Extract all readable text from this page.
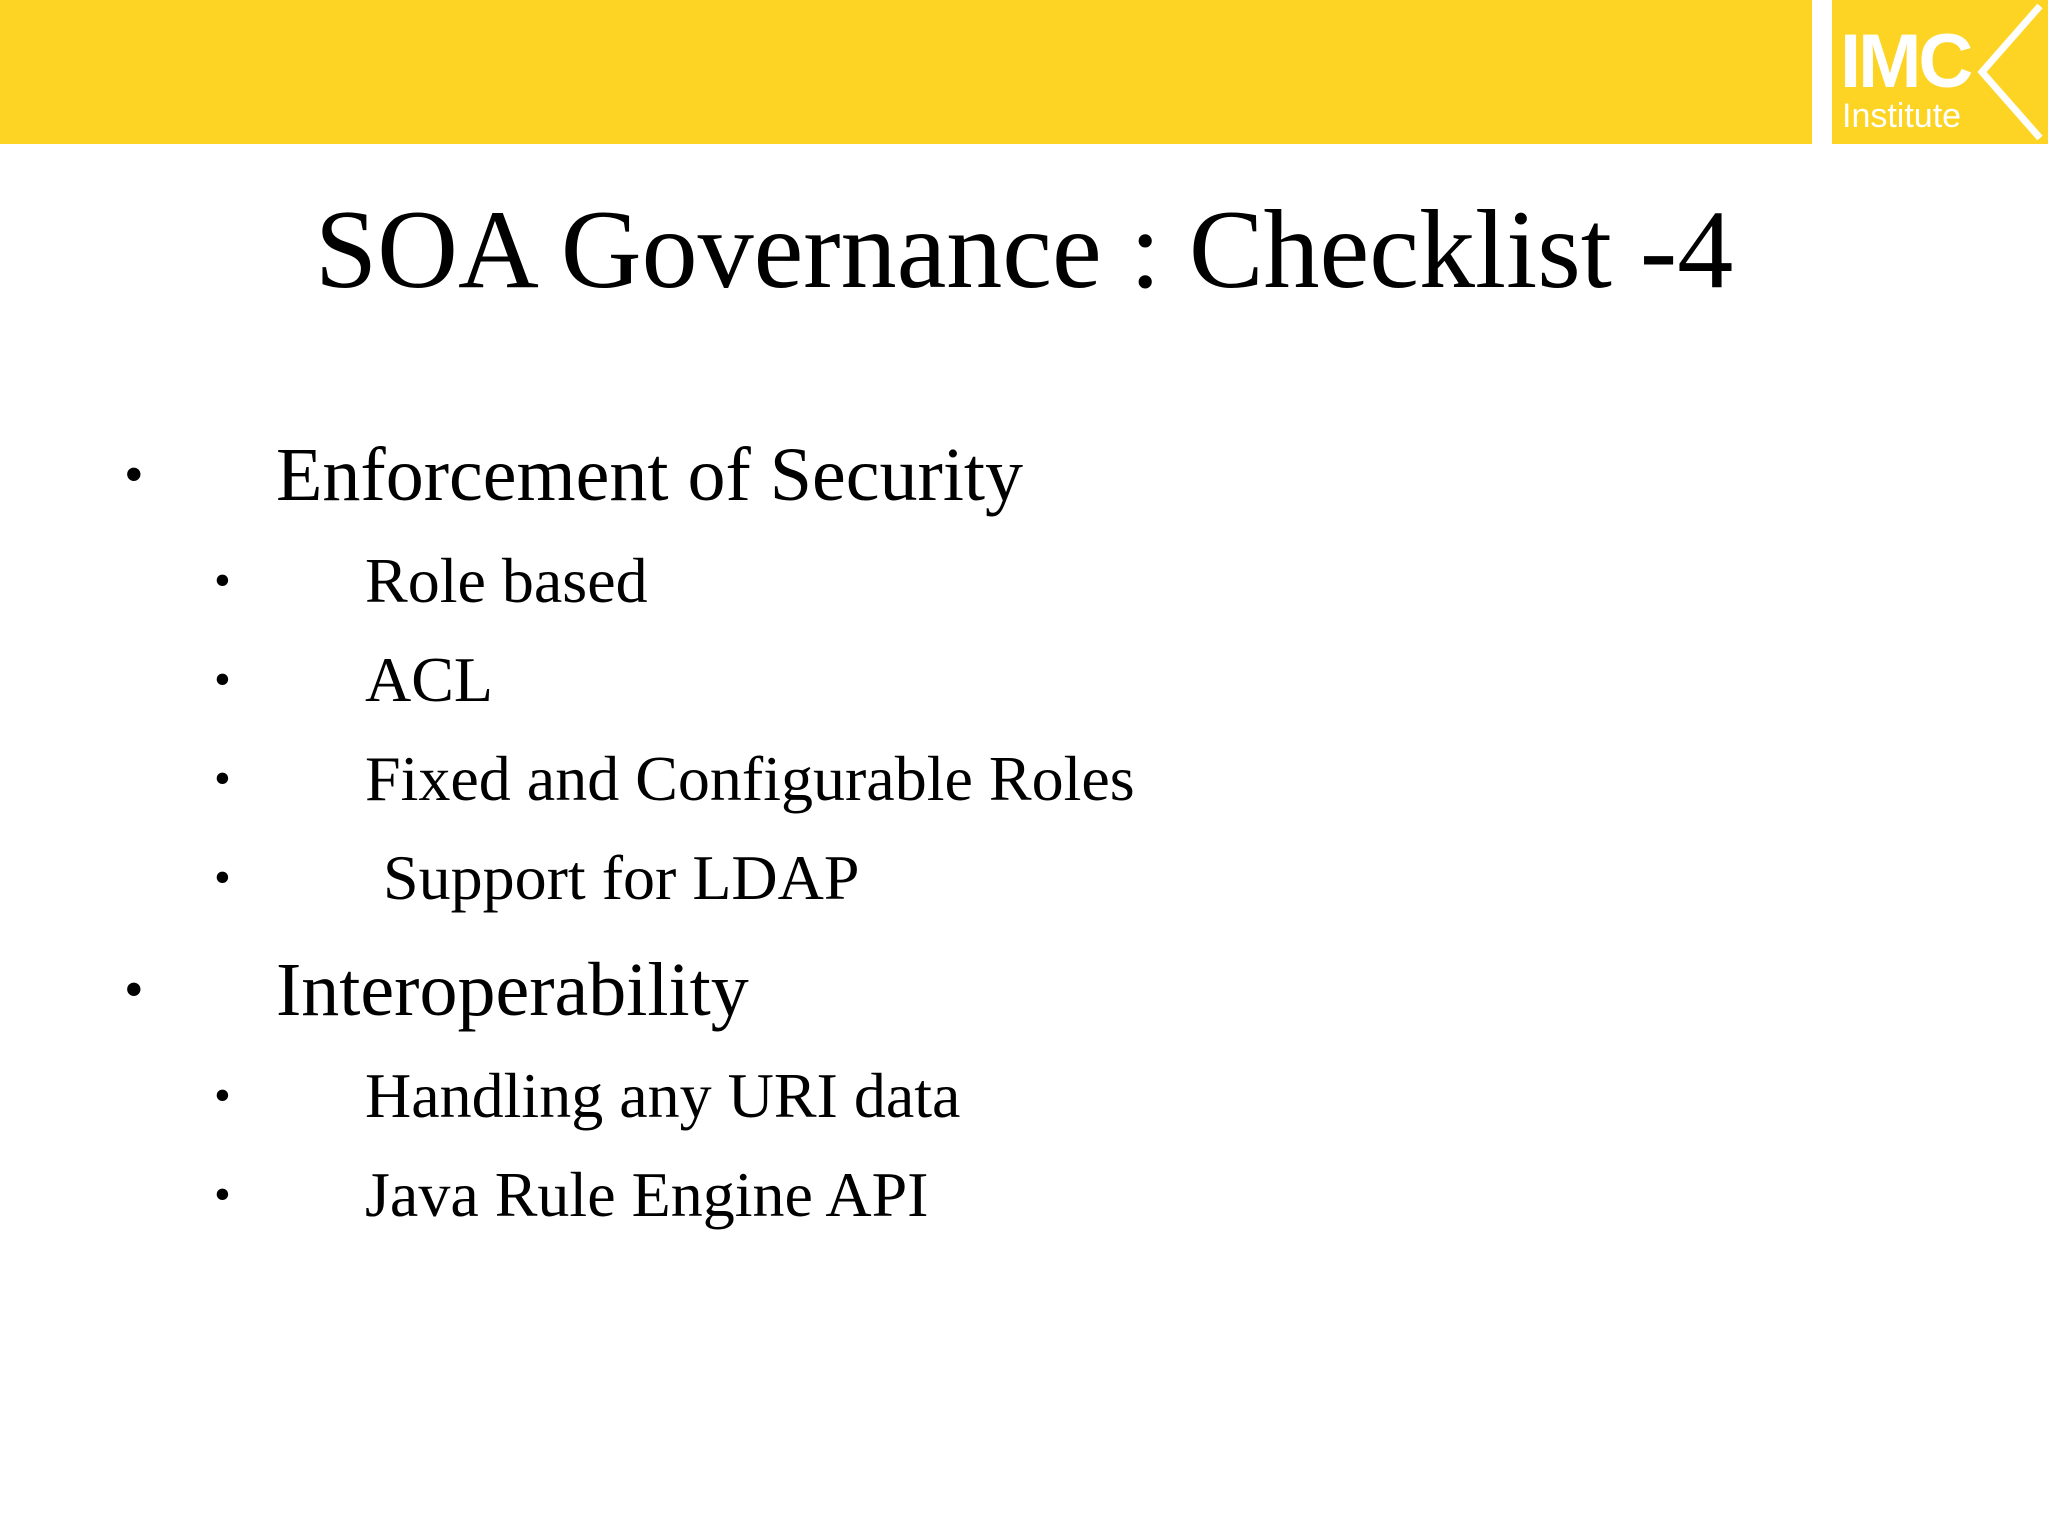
IMC
Institute
SOA Governance : Checklist -4
• Enforcement of Security
• Role based
• ACL
• Fixed and Configurable Roles
• Support for LDAP
• Interoperability
• Handling any URI data
• Java Rule Engine API
